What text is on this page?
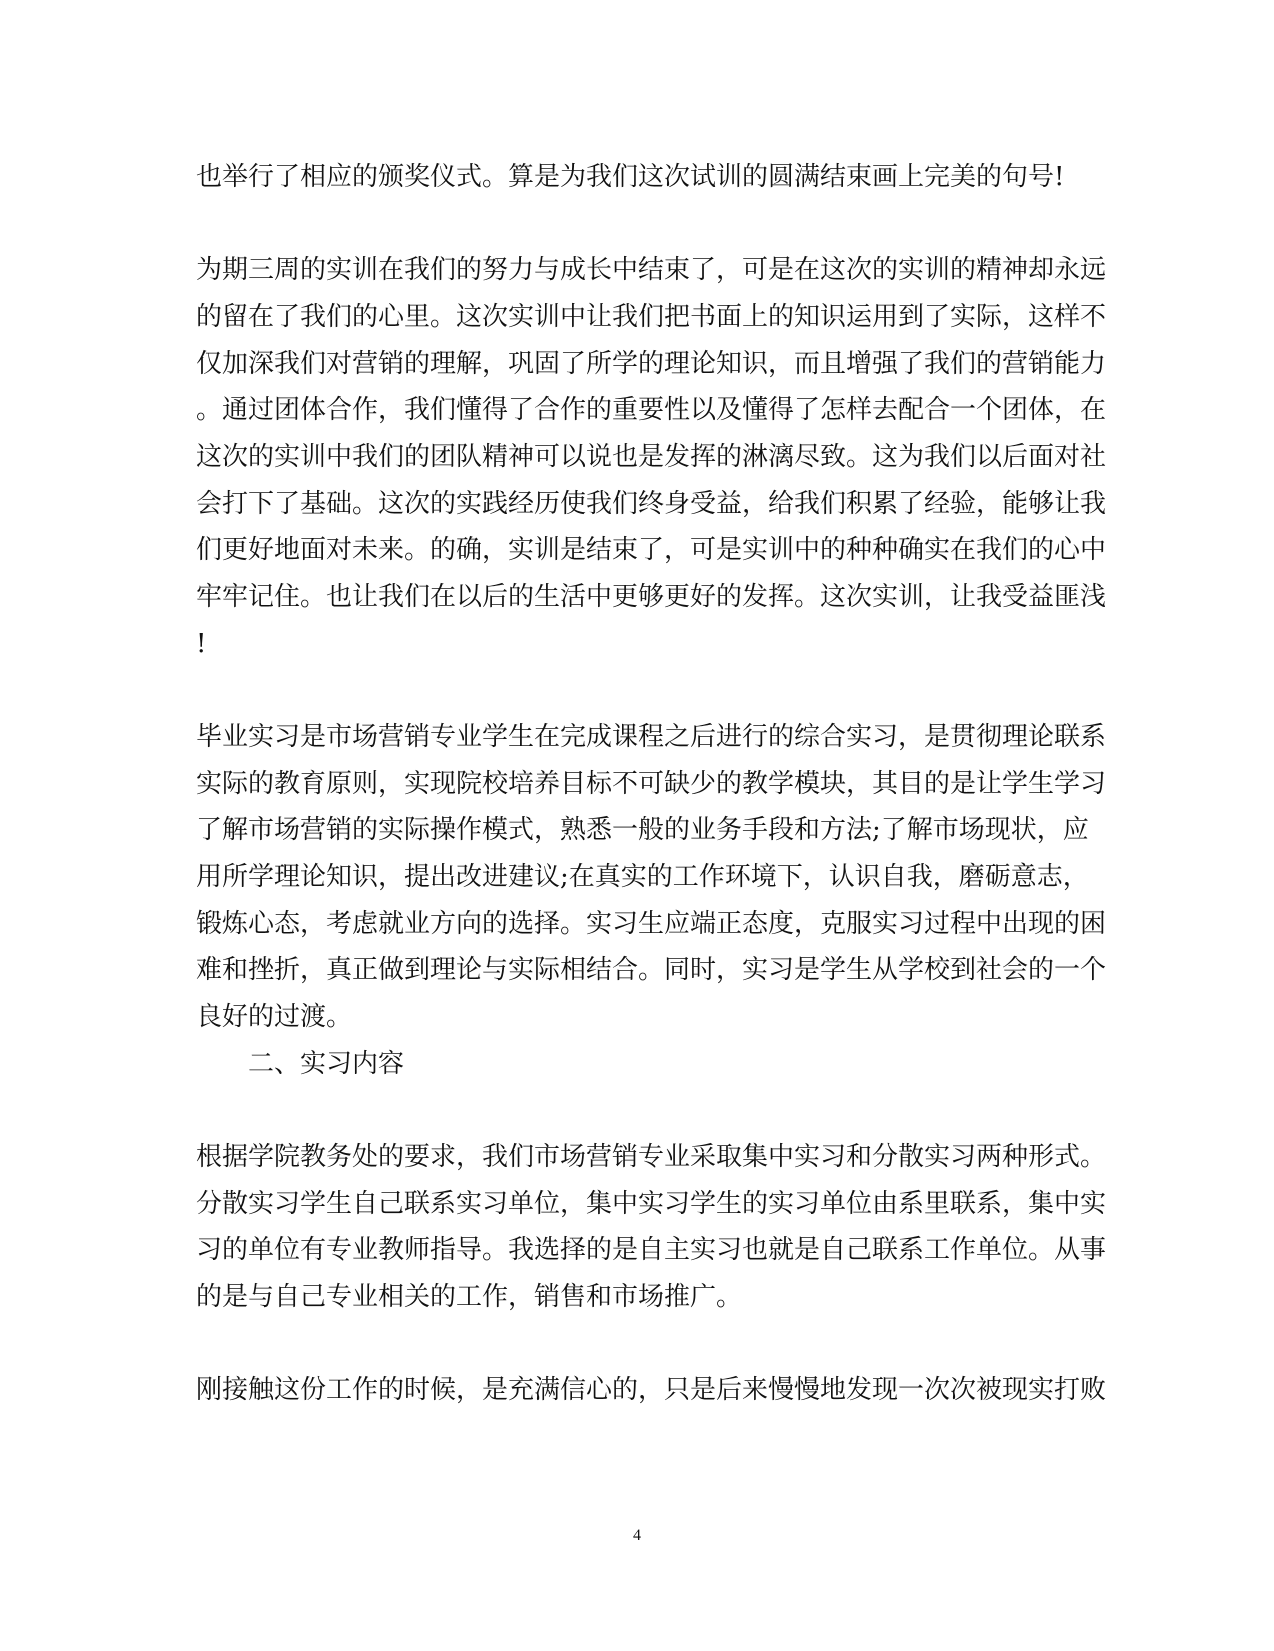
也举行了相应的颁奖仪式。算是为我们这次试训的圆满结束画上完美的句号!
为期三周的实训在我们的努力与成长中结束了，可是在这次的实训的精神却永远
的留在了我们的心里。这次实训中让我们把书面上的知识运用到了实际，这样不
仅加深我们对营销的理解，巩固了所学的理论知识，而且增强了我们的营销能力
。通过团体合作，我们懂得了合作的重要性以及懂得了怎样去配合一个团体，在
这次的实训中我们的团队精神可以说也是发挥的淋漓尽致。这为我们以后面对社
会打下了基础。这次的实践经历使我们终身受益，给我们积累了经验，能够让我
们更好地面对未来。的确，实训是结束了，可是实训中的种种确实在我们的心中
牢牢记住。也让我们在以后的生活中更够更好的发挥。这次实训，让我受益匪浅
!
毕业实习是市场营销专业学生在完成课程之后进行的综合实习，是贯彻理论联系
实际的教育原则，实现院校培养目标不可缺少的教学模块，其目的是让学生学习
了解市场营销的实际操作模式，熟悉一般的业务手段和方法;了解市场现状，应
用所学理论知识，提出改进建议;在真实的工作环境下，认识自我，磨砺意志，
锻炼心态，考虑就业方向的选择。实习生应端正态度，克服实习过程中出现的困
难和挫折，真正做到理论与实际相结合。同时，实习是学生从学校到社会的一个
良好的过渡。
　　二、实习内容
根据学院教务处的要求，我们市场营销专业采取集中实习和分散实习两种形式。
分散实习学生自己联系实习单位，集中实习学生的实习单位由系里联系，集中实
习的单位有专业教师指导。我选择的是自主实习也就是自己联系工作单位。从事
的是与自己专业相关的工作，销售和市场推广。
刚接触这份工作的时候，是充满信心的，只是后来慢慢地发现一次次被现实打败
4
